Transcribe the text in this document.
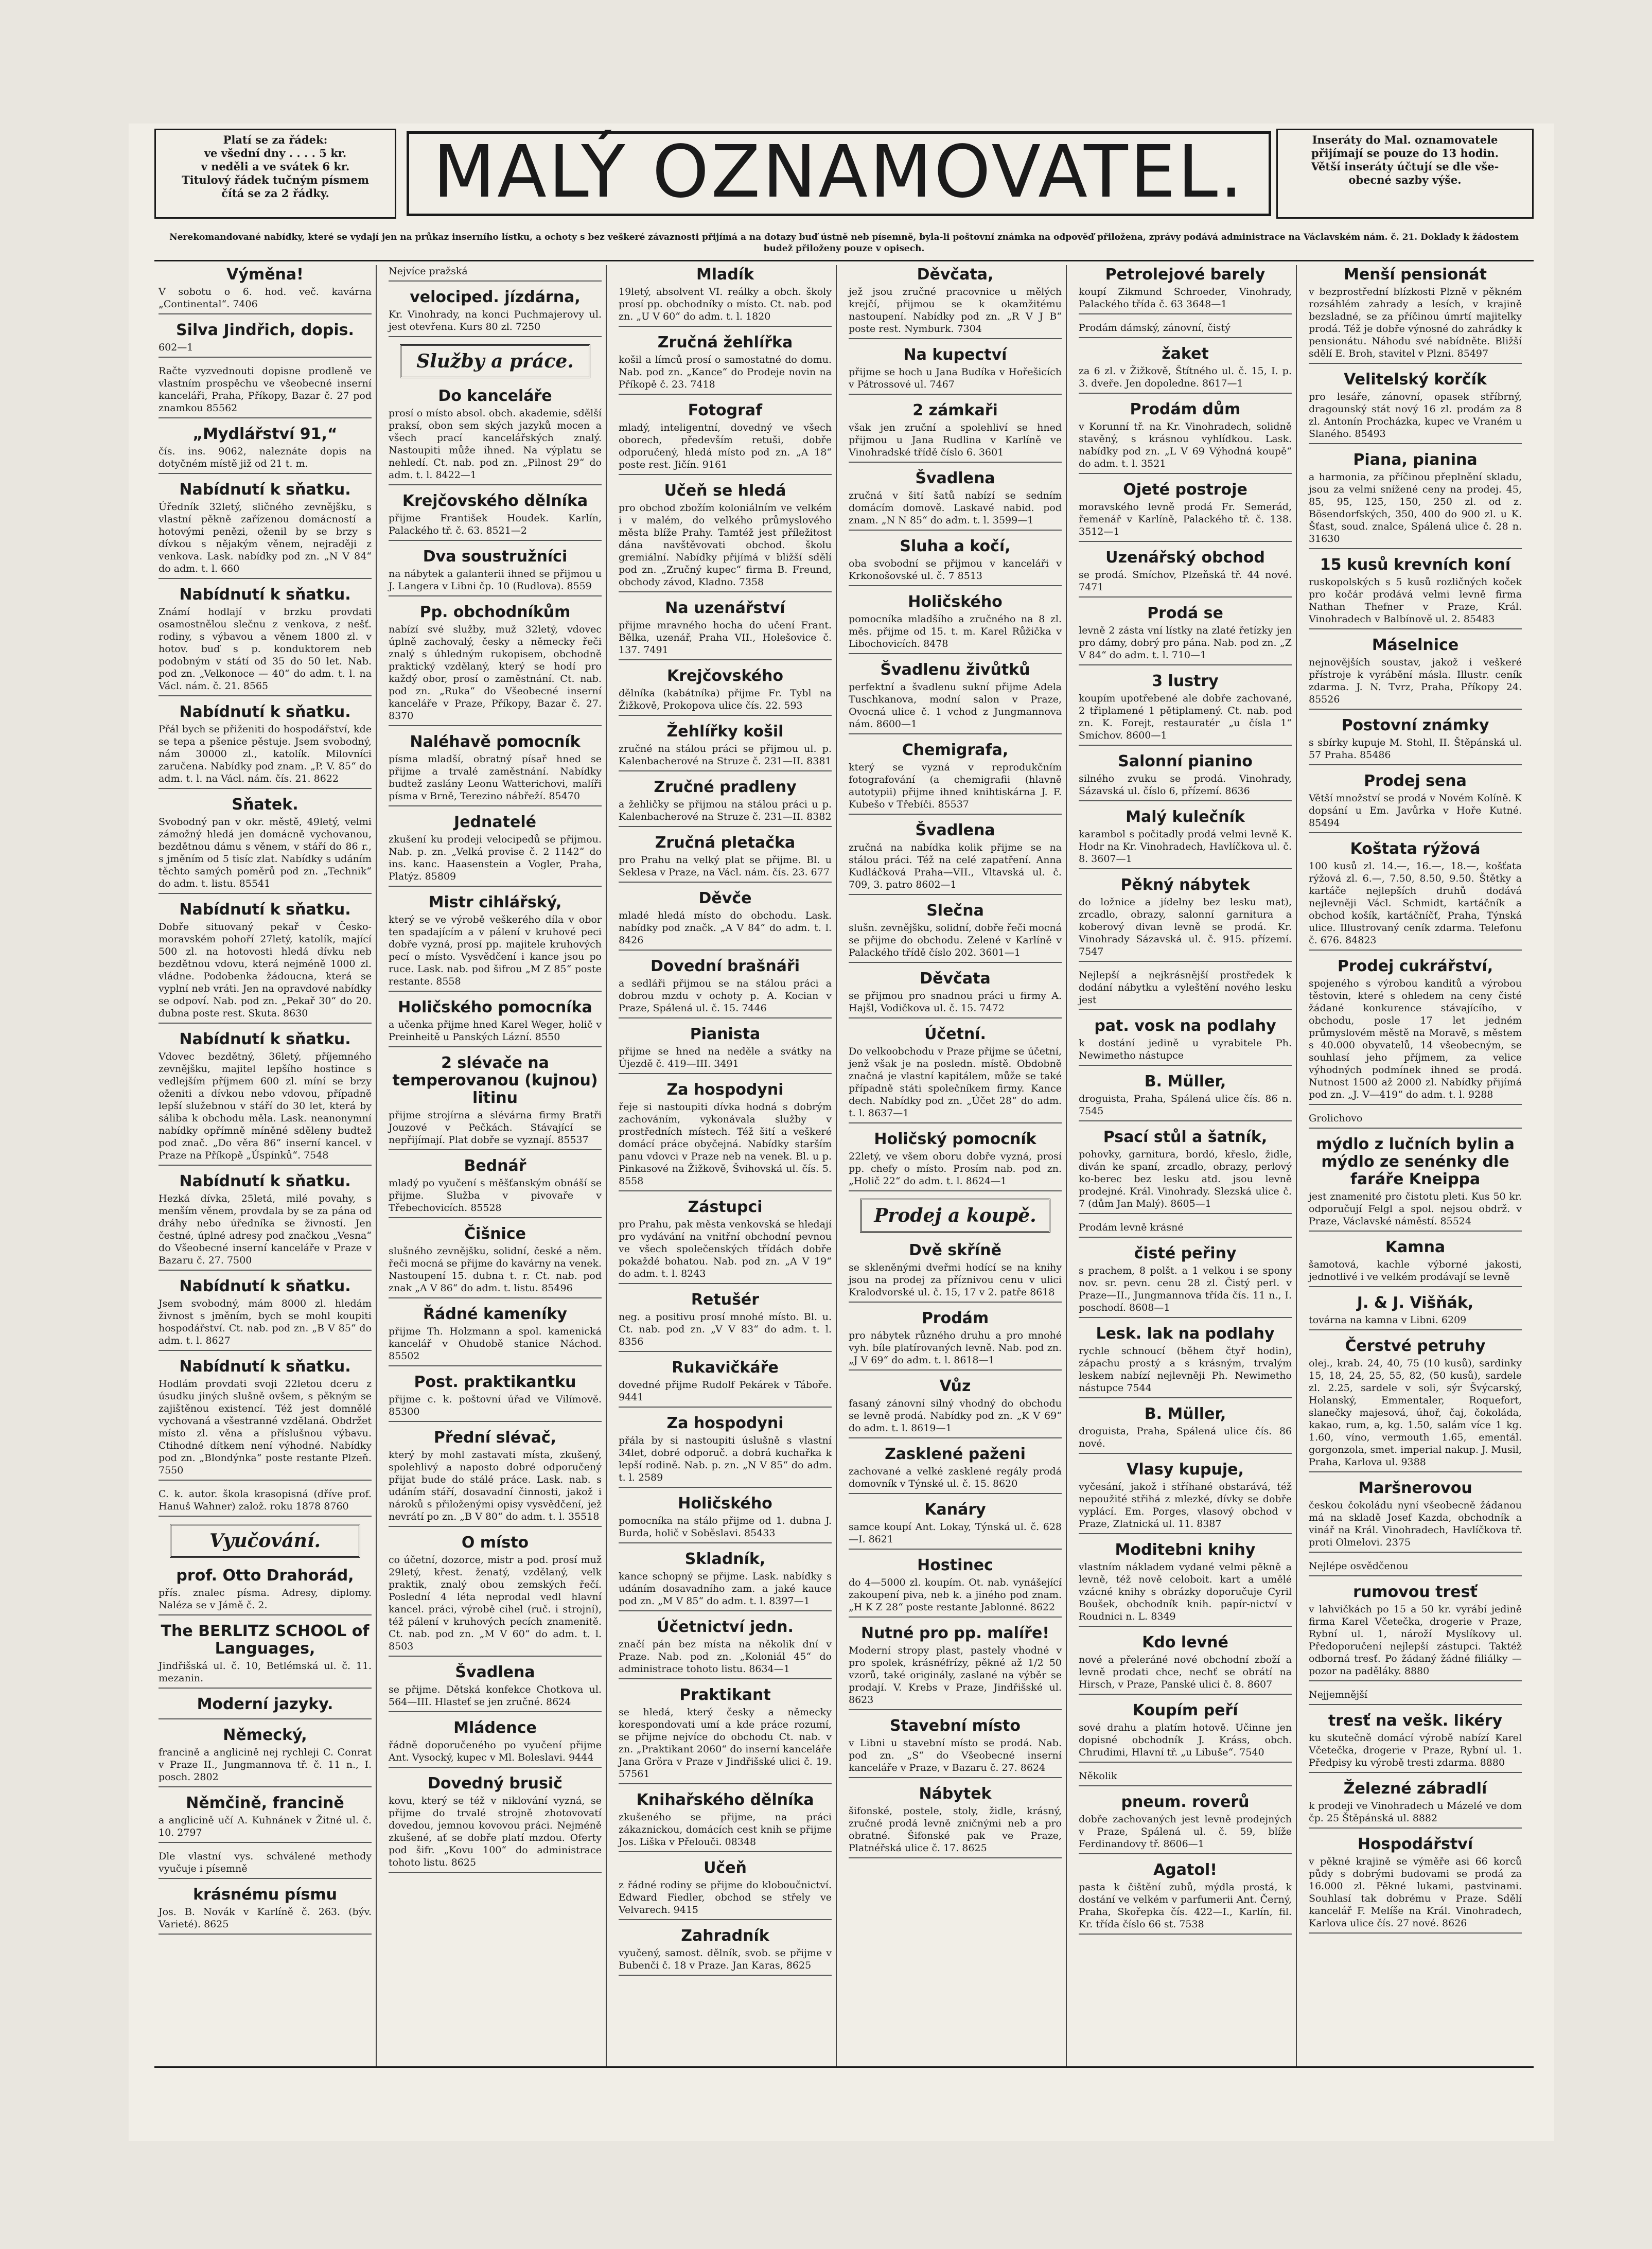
Platí se za řádek:
ve všední dny . . . . 5 kr.
v neděli a ve svátek 6 kr.
Titulový řádek tučným písmem
čítá se za 2 řádky.	MALÝ OZNAMOVATEL.	Inseráty do Mal. oznamovatele
přijímají se pouze do 13 hodin.
Větší inseráty účtují se dle vše-
obecné sazby výše.
Nerekomandované nabídky, které se vydají jen na průkaz inserního lístku, a ochoty s bez veškeré závaznosti přijímá a na dotazy buď ústně neb písemně, byla-li poštovní známka na odpověď přiložena, zprávy podává administrace na Václavském nám. č. 21. Doklady k žádostem budež přiloženy pouze v opisech.
Výměna!
V sobotu o 6. hod. več. kavárna „Continental“. 7406
Silva Jindřich, dopis.
602—1
Račte vyzvednouti dopisne prodleně ve vlastním prospěchu ve všeobecné inserní kanceláři, Praha, Příkopy, Bazar č. 27 pod znamkou 85562
„Mydlářství 91,“
čís. ins. 9062, naleznáte dopis na dotyčném místě již od 21 t. m.
Nabídnutí k sňatku.
Úředník 32letý, sličného zevnějšku, s vlastní pěkně zařízenou domácností a hotovými penězi, oženil by se brzy s dívkou s nějakým věnem, nejraději z venkova. Lask. nabídky pod zn. „N V 84“ do adm. t. l. 660
Nabídnutí k sňatku.
Známí hodlají v brzku provdati osamostnělou slečnu z venkova, z nešť. rodiny, s výbavou a věnem 1800 zl. v hotov. buď s p. konduktorem neb podobným v státí od 35 do 50 let. Nab. pod zn. „Velkonoce — 40“ do adm. t. l. na Václ. nám. č. 21. 8565
Nabídnutí k sňatku.
Přál bych se přiženiti do hospodářství, kde se tepa a pšenice pěstuje. Jsem svobodný, nám 30000 zl., katolík. Milovníci zaručena. Nabídky pod znam. „P. V. 85“ do adm. t. l. na Václ. nám. čís. 21. 8622
Sňatek.
Svobodný pan v okr. městě, 49letý, velmi zámožný hledá jen domácně vychovanou, bezdětnou dámu s věnem, v stáří do 86 r., s jměním od 5 tisíc zlat. Nabídky s udáním těchto samých poměrů pod zn. „Technik“ do adm. t. listu. 85541
Nabídnutí k sňatku.
Dobře situovaný pekař v Česko-moravském pohoří 27letý, katolík, mající 500 zl. na hotovosti hledá dívku neb bezdětnou vdovu, která nejméně 1000 zl. vládne. Podobenka žádoucna, která se vyplní neb vráti. Jen na opravdové nabídky se odpoví. Nab. pod zn. „Pekař 30“ do 20. dubna poste rest. Skuta. 8630
Nabídnutí k sňatku.
Vdovec bezdětný, 36letý, příjemného zevnějšku, majitel lepšího hostince s vedlejším příjmem 600 zl. míní se brzy oženiti a dívkou nebo vdovou, případně lepší služebnou v stáří do 30 let, která by sáliba k obchodu měla. Lask. neanonymní nabídky opřímně míněné sděleny budtež pod znač. „Do věra 86“ inserní kancel. v Praze na Příkopě „Úspínků“. 7548
Nabídnutí k sňatku.
Hezká dívka, 25letá, milé povahy, s menším věnem, provdala by se za pána od dráhy nebo úředníka se živností. Jen čestné, úplné adresy pod značkou „Vesna“ do Všeobecné inserní kanceláře v Praze v Bazaru č. 27. 7500
Nabídnutí k sňatku.
Jsem svobodný, mám 8000 zl. hledám živnost s jměním, bych se mohl koupiti hospodářství. Ct. nab. pod zn. „B V 85“ do adm. t. l. 8627
Nabídnutí k sňatku.
Hodlám provdati svoji 22letou dceru z úsudku jiných slušně ovšem, s pěkným se zajištěnou existencí. Též jest domnělé vychovaná a všestranné vzdělaná. Obdržet místo zl. věna a příslušnou výbavu. Ctihodné dítkem není výhodné. Nabídky pod zn. „Blondýnka“ poste restante Plzeň. 7550
C. k. autor. škola krasopisná (dříve prof. Hanuš Wahner) založ. roku 1878 8760
Vyučování.
prof. Otto Drahorád,
přís. znalec písma. Adresy, diplomy. Naléza se v Jámě č. 2.
The BERLITZ SCHOOL of Languages,
Jindřišská ul. č. 10, Betlémská ul. č. 11. mezanin.
Moderní jazyky.
Německý,
francině a anglicině nej rychleji C. Conrat v Praze II., Jungmannova tř. č. 11 n., I. posch. 2802
Němčině, francině
a anglicině učí A. Kuhnánek v Žitné ul. č. 10. 2797
Dle vlastní vys. schválené methody vyučuje i písemně
krásnému písmu
Jos. B. Novák v Karlíně č. 263. (býv. Varieté). 8625
Nejvíce pražská
velociped. jízdárna,
Kr. Vinohrady, na konci Puchmajerovy ul. jest otevřena. Kurs 80 zl. 7250
Služby a práce.
Do kanceláře
prosí o místo absol. obch. akademie, sdělší praksí, obon sem ských jazyků mocen a všech prací kancelářských znalý. Nastoupiti může ihned. Na výplatu se nehledí. Ct. nab. pod zn. „Pilnost 29“ do adm. t. l. 8422—1
Krejčovského dělníka
přijme František Houdek. Karlín, Palackého tř. č. 63. 8521—2
Dva soustružníci
na nábytek a galanterii ihned se přijmou u J. Langera v Libni čp. 10 (Rudlova). 8559
Pp. obchodníkům
nabízí své služby, muž 32letý, vdovec úplně zachovalý, česky a německy řeči znalý s úhledným rukopisem, obchodně praktický vzdělaný, který se hodí pro každý obor, prosí o zaměstnání. Ct. nab. pod zn. „Ruka“ do Všeobecné inserní kanceláře v Praze, Příkopy, Bazar č. 27. 8370
Naléhavě pomocník
písma mladší, obratný písař hned se přijme a trvalé zaměstnání. Nabídky budtež zaslány Leonu Watterichovi, malíři písma v Brně, Terezino nábřeží. 85470
Jednatelé
zkušení ku prodeji velocipedů se přijmou. Nab. p. zn. „Velká provise č. 2 1142“ do ins. kanc. Haasenstein a Vogler, Praha, Platýz. 85809
Mistr cihlářský,
který se ve výrobě veškerého díla v obor ten spadajícím a v pálení v kruhové peci dobře vyzná, prosí pp. majitele kruhových pecí o místo. Vysvědčení i kance jsou po ruce. Lask. nab. pod šifrou „M Z 85“ poste restante. 8558
Holičského pomocníka
a učenka přijme hned Karel Weger, holič v Preinheitě u Panských Lázní. 8550
2 slévače na temperovanou (kujnou) litinu
přijme strojírna a slévárna firmy Bratři Jouzové v Pečkách. Stávající se nepřijímají. Plat dobře se vyznají. 85537
Bednář
mladý po vyučení s měšťanským obnáší se přijme. Služba v pivovaře v Třebechovicích. 85528
Čišnice
slušného zevnějšku, solidní, české a něm. řeči mocná se přijme do kavárny na venek. Nastoupení 15. dubna t. r. Ct. nab. pod znak „A V 86“ do adm. t. listu. 85496
Řádné kameníky
přijme Th. Holzmann a spol. kamenická kancelář v Ohudobě stanice Náchod. 85502
Post. praktikantku
přijme c. k. poštovní úřad ve Vilímově. 85300
Přední slévač,
který by mohl zastavati místa, zkušený, spolehlivý a naposto dobré odporučený přijat bude do stálé práce. Lask. nab. s udáním stáří, dosavadní činnosti, jakož i nároků s přiloženými opisy vysvědčení, jež nevrátí po zn. „B V 80“ do adm. t. l. 35518
O místo
co účetní, dozorce, mistr a pod. prosí muž 29letý, křest. ženatý, vzdělaný, velk praktik, znalý obou zemských řečí. Poslední 4 léta neprodal vedl hlavní kancel. práci, výrobě cihel (ruč. i strojní), též pálení v kruhových pecích znamenitě. Ct. nab. pod zn. „M V 60“ do adm. t. l. 8503
Švadlena
se přijme. Dětská konfekce Chotkova ul. 564—III. Hlasteť se jen zručné. 8624
Mládence
řádně doporučeného po vyučení přijme Ant. Vysocký, kupec v Ml. Boleslavi. 9444
Dovedný brusič
kovu, který se též v niklování vyzná, se přijme do trvalé strojně zhotovovatí dovedou, jemnou kovovou práci. Nejméně zkušené, ať se dobře platí mzdou. Oferty pod šifr. „Kovu 100“ do administrace tohoto listu. 8625
Mladík
19letý, absolvent VI. reálky a obch. školy prosí pp. obchodníky o místo. Ct. nab. pod zn. „U V 60“ do adm. t. l. 1820
Zručná žehlířka
košil a límců prosí o samostatné do domu. Nab. pod zn. „Kance“ do Prodeje novin na Příkopě č. 23. 7418
Fotograf
mladý, inteligentní, dovedný ve všech oborech, především retuši, dobře odporučený, hledá místo pod zn. „A 18“ poste rest. Jičín. 9161
Učeň se hledá
pro obchod zbožím koloniálním ve velkém i v malém, do velkého průmyslového města blíže Prahy. Tamtéž jest příležitost dána navštěvovati obchod. školu gremiální. Nabídky přijímá v bližší sdělí pod zn. „Zručný kupec“ firma B. Freund, obchody závod, Kladno. 7358
Na uzenářství
přijme mravného hocha do učení Frant. Bělka, uzenář, Praha VII., Holešovice č. 137. 7491
Krejčovského
dělníka (kabátníka) přijme Fr. Tybl na Žižkově, Prokopova ulice čís. 22. 593
Žehlířky košil
zručné na stálou práci se přijmou ul. p. Kalenbacherové na Struze č. 231—II. 8381
Zručné pradleny
a žehličky se přijmou na stálou práci u p. Kalenbacherové na Struze č. 231—II. 8382
Zručná pletačka
pro Prahu na velký plat se přijme. Bl. u Seklesa v Praze, na Václ. nám. čís. 23. 677
Děvče
mladé hledá místo do obchodu. Lask. nabídky pod značk. „A V 84“ do adm. t. l. 8426
Dovední brašnáři
a sedláři přijmou se na stálou práci a dobrou mzdu v ochoty p. A. Kocian v Praze, Spálená ul. č. 15. 7446
Pianista
přijme se hned na neděle a svátky na Újezdě č. 419—III. 3491
Za hospodyni
řeje si nastoupiti dívka hodná s dobrým zachováním, vykonávala služby v prostředních místech. Též šití a veškeré domácí práce obyčejná. Nabídky starším panu vdovci v Praze neb na venek. Bl. u p. Pinkasové na Žižkově, Švihovská ul. čís. 5. 8558
Zástupci
pro Prahu, pak města venkovská se hledají pro vydávání na vnitřní obchodní pevnou ve všech společenských třídách dobře pokaždé bohatou. Nab. pod zn. „A V 19“ do adm. t. l. 8243
Retušér
neg. a positivu prosí mnohé místo. Bl. u. Ct. nab. pod zn. „V V 83“ do adm. t. l. 8356
Rukavičkáře
dovedné přijme Rudolf Pekárek v Táboře. 9441
Za hospodyni
přála by si nastoupiti úslušně s vlastní 34let, dobré odporuč. a dobrá kuchařka k lepší rodině. Nab. p. zn. „N V 85“ do adm. t. l. 2589
Holičského
pomocníka na stálo přijme od 1. dubna J. Burda, holič v Soběslavi. 85433
Skladník,
kance schopný se přijme. Lask. nabídky s udáním dosavadního zam. a jaké kauce pod zn. „M V 85“ do adm. t. l. 8397—1
Účetnictví jedn.
značí pán bez místa na několik dní v Praze. Nab. pod zn. „Koloniál 45“ do administrace tohoto listu. 8634—1
Praktikant
se hledá, který česky a německy korespondovati umí a kde práce rozumí, se přijme nejvíce do obchodu Ct. nab. v zn. „Praktikant 2060“ do inserní kanceláře Jana Gröra v Praze v Jindřišské ulici č. 19. 57561
Knihařského dělníka
zkušeného se přijme, na práci zákaznickou, domácích cest knih se přijme Jos. Liška v Přelouči. 08348
Učeň
z řádné rodiny se přijme do kloboučnictví. Edward Fiedler, obchod se střely ve Velvarech. 9415
Zahradník
vyučený, samost. dělník, svob. se přijme v Bubenči č. 18 v Praze. Jan Karas, 8625
Děvčata,
jež jsou zručné pracovnice u mělých krejčí, přijmou se k okamžitému nastoupení. Nabídky pod zn. „R V J B“ poste rest. Nymburk. 7304
Na kupectví
přijme se hoch u Jana Budíka v Hořešicích v Pátrossové ul. 7467
2 zámkaři
však jen zruční a spolehliví se hned přijmou u Jana Rudlina v Karlíně ve Vinohradské třídě číslo 6. 3601
Švadlena
zručná v šití šatů nabízí se sedním domácím domově. Laskavé nabid. pod znam. „N N 85“ do adm. t. l. 3599—1
Sluha a kočí,
oba svobodní se přijmou v kanceláři v Krkonošovské ul. č. 7 8513
Holičského
pomocníka mladšího a zručného na 8 zl. měs. přijme od 15. t. m. Karel Růžička v Libochovicích. 8478
Švadlenu živůtků
perfektní a švadlenu sukní přijme Adela Tuschkanova, modní salon v Praze, Ovocná ulice č. 1 vchod z Jungmannova nám. 8600—1
Chemigrafa,
který se vyzná v reprodukčním fotografování (a chemigrafii (hlavně autotypii) přijme ihned knihtiskárna J. F. Kubešo v Třebíči. 85537
Švadlena
zručná na nabídka kolik přijme se na stálou práci. Též na celé zapatření. Anna Kudláčková Praha—VII., Vltavská ul. č. 709, 3. patro 8602—1
Slečna
slušn. zevnějšku, solidní, dobře řeči mocná se přijme do obchodu. Zelené v Karlíně v Palackého třídě číslo 202. 3601—1
Děvčata
se přijmou pro snadnou práci u firmy A. Hajšl, Vodičkova ul. č. 15. 7472
Účetní.
Do velkoobchodu v Praze přijme se účetní, jenž však je na posledn. místě. Obdobně značná je vlastní kapitálem, může se také případně státi společníkem firmy. Kance dech. Nabídky pod zn. „Účet 28“ do adm. t. l. 8637—1
Holičský pomocník
22letý, ve všem oboru dobře vyzná, prosí pp. chefy o místo. Prosím nab. pod zn. „Holič 22“ do adm. t. l. 8624—1
Prodej a koupě.
Dvě skříně
se skleněnými dveřmi hodící se na knihy jsou na prodej za příznivou cenu v ulici Kralodvorské ul. č. 15, 17 v 2. patře 8618
Prodám
pro nábytek různého druhu a pro mnohé vyh. bíle platírovaných levně. Nab. pod zn. „J V 69“ do adm. t. l. 8618—1
Vůz
fasaný zánovní silný vhodný do obchodu se levně prodá. Nabídky pod zn. „K V 69“ do adm. t. l. 8619—1
Zasklené paženi
zachované a velké zasklené regály prodá domovník v Týnské ul. č. 15. 8620
Kanáry
samce koupí Ant. Lokay, Týnská ul. č. 628—I. 8621
Hostinec
do 4—5000 zl. koupím. Ot. nab. vynášející zakoupení piva, neb k. a jiného pod znam. „H K Z 28“ poste restante Jablonné. 8622
Nutné pro pp. malíře!
Moderní stropy plast, pastely vhodné v pro spolek, krásnéfrízy, pěkné až 1/2 50 vzorů, také originály, zaslané na výběr se prodají. V. Krebs v Praze, Jindřišské ul. 8623
Stavební místo
v Libni u stavební místo se prodá. Nab. pod zn. „S“ do Všeobecné inserní kanceláře v Praze, v Bazaru č. 27. 8624
Nábytek
šifonské, postele, stoly, židle, krásný, zručné prodá levně zničnými neb a pro obratné. Šifonské pak ve Praze, Platnéřská ulice č. 17. 8625
Petrolejové barely
koupí Zikmund Schroeder, Vinohrady, Palackého třída č. 63 3648—1
Prodám dámský, zánovní, čistý
žaket
za 6 zl. v Žižkově, Štítného ul. č. 15, I. p. 3. dveře. Jen dopoledne. 8617—1
Prodám dům
v Korunní tř. na Kr. Vinohradech, solidně stavěný, s krásnou vyhlídkou. Lask. nabídky pod zn. „L V 69 Výhodná koupě“ do adm. t. l. 3521
Ojeté postroje
moravského levně prodá Fr. Semerád, řemenář v Karlíně, Palackého tř. č. 138. 3512—1
Uzenářský obchod
se prodá. Smíchov, Plzeňská tř. 44 nové. 7471
Prodá se
levně 2 zásta vní lístky na zlaté řetízky jen pro dámy, dobrý pro pána. Nab. pod zn. „Z V 84“ do adm. t. l. 710—1
3 lustry
koupím upotřebené ale dobře zachované, 2 třiplamené 1 pětiplamený. Ct. nab. pod zn. K. Forejt, restauratér „u čísla 1“ Smíchov. 8600—1
Salonní pianino
silného zvuku se prodá. Vinohrady, Sázavská ul. číslo 6, přízemí. 8636
Malý kulečník
karambol s počitadly prodá velmi levně K. Hodr na Kr. Vinohradech, Havlíčkova ul. č. 8. 3607—1
Pěkný nábytek
do ložnice a jídelny bez lesku mat), zrcadlo, obrazy, salonní garnitura a koberový divan levně se prodá. Kr. Vinohrady Sázavská ul. č. 915. přízemí. 7547
Nejlepší a nejkrásnější prostředek k dodání nábytku a vyleštění nového lesku jest
pat. vosk na podlahy
k dostání jedině u vyrabitele Ph. Newimetho nástupce
B. Müller,
droguista, Praha, Spálená ulice čís. 86 n. 7545
Psací stůl a šatník,
pohovky, garnitura, bordó, křeslo, židle, diván ke spaní, zrcadlo, obrazy, perlový ko-berec bez lesku atd. jsou levně prodejné. Král. Vinohrady. Slezská ulice č. 7 (dům Jan Malý). 8605—1
Prodám levně krásné
čisté peřiny
s prachem, 8 polšt. a 1 velkou i se spony nov. sr. pevn. cenu 28 zl. Čistý perl. v Praze—II., Jungmannova třída čís. 11 n., I. poschodí. 8608—1
Lesk. lak na podlahy
rychle schnoucí (během čtyř hodin), zápachu prostý a s krásným, trvalým leskem nabízí nejlevněji Ph. Newimetho nástupce 7544
B. Müller,
droguista, Praha, Spálená ulice čís. 86 nové.
Vlasy kupuje,
vyčesání, jakož i stříhané obstarává, též nepoužité střihá z mlezké, dívky se dobře vyplácí. Em. Porges, vlasový obchod v Praze, Zlatnická ul. 11. 8387
Moditebni knihy
vlastním nákladem vydané velmi pěkně a levně, též nově celoboit. kart a umělé vzácné knihy s obrázky doporučuje Cyril Boušek, obchodník knih. papír-nictví v Roudnici n. L. 8349
Kdo levné
nové a přeleráné nové obchodní zboží a levně prodati chce, nechť se obrátí na Hirsch, v Praze, Panské ulici č. 8. 8607
Koupím peří
sové drahu a platím hotově. Učinne jen dopisné obchodník J. Kráss, obch. Chrudimi, Hlavní tř. „u Libuše“. 7540
Několik
pneum. roverů
dobře zachovaných jest levně prodejných v Praze, Spálená ul. č. 59, blíže Ferdinandovy tř. 8606—1
Agatol!
pasta k čištění zubů, mýdla prostá, k dostání ve velkém v parfumerii Ant. Černý, Praha, Skořepka čís. 422—I., Karlín, fil. Kr. třída číslo 66 st. 7538
Menší pensionát
v bezprostřední blízkosti Plzně v pěkném rozsáhlém zahrady a lesích, v krajině bezsladné, se za příčinou úmrtí majitelky prodá. Též je dobře výnosné do zahrádky k pensionátu. Náhodu své nabídněte. Bližší sdělí E. Broh, stavitel v Plzni. 85497
Velitelský korčík
pro lesáře, zánovní, opasek stříbrný, dragounský stát nový 16 zl. prodám za 8 zl. Antonín Procházka, kupec ve Vraném u Slaného. 85493
Piana, pianina
a harmonia, za příčinou přeplnění skladu, jsou za velmi snížené ceny na prodej. 45, 85, 95, 125, 150, 250 zl. od z. Bösendorfských, 350, 400 do 900 zl. u K. Šťast, soud. znalce, Spálená ulice č. 28 n. 31630
15 kusů krevních koní
ruskopolských s 5 kusů rozličných koček pro kočár prodává velmi levně firma Nathan Thefner v Praze, Král. Vinohradech v Balbínově ul. 2. 85483
Máselnice
nejnovějších soustav, jakož i veškeré přístroje k vyrábění másla. Illustr. ceník zdarma. J. N. Tvrz, Praha, Příkopy 24. 85526
Postovní známky
s sbírky kupuje M. Stohl, II. Štěpánská ul. 57 Praha. 85486
Prodej sena
Větší množství se prodá v Novém Kolíně. K dopsání u Em. Javůrka v Hoře Kutné. 85494
Koštata rýžová
100 kusů zl. 14.—, 16.—, 18.—, košťata rýžová zl. 6.—, 7.50, 8.50, 9.50. Štětky a kartáče nejlepších druhů dodává nejlevněji Václ. Schmidt, kartáčník a obchod košík, kartáčníčť, Praha, Týnská ulice. Illustrovaný ceník zdarma. Telefonu č. 676. 84823
Prodej cukrářství,
spojeného s výrobou kanditů a výrobou těstovin, které s ohledem na ceny čisté žádané konkurence stávajícího, v obchodu, posle 17 let jedném průmyslovém městě na Moravě, s městem s 40.000 obyvatelů, 14 všeobecným, se souhlasí jeho příjmem, za velice výhodných podmínek ihned se prodá. Nutnost 1500 až 2000 zl. Nabídky přijímá pod zn. „J. V—419“ do adm. t. l. 9288
Grolichovo
mýdlo z lučních bylin a mýdlo ze senénky dle faráře Kneippa
jest znamenité pro čistotu pleti. Kus 50 kr. odporučují Felgl a spol. nejsou obdrž. v Praze, Václavské náměstí. 85524
Kamna
šamotová, kachle výborné jakosti, jednotlivé i ve velkém prodávají se levně
J. & J. Višňák,
továrna na kamna v Libni. 6209
Čerstvé petruhy
olej., krab. 24, 40, 75 (10 kusů), sardinky 15, 18, 24, 25, 55, 82, (50 kusů), sardele zl. 2.25, sardele v soli, sýr Švýcarský, Holanský, Emmentaler, Roquefort, slanečky majesová, úhoř, čaj, čokoláda, kakao, rum, a, kg. 1.50, salám více 1 kg. 1.60, víno, vermouth 1.65, ementál. gorgonzola, smet. imperial nakup. J. Musil, Praha, Karlova ul. 9388
Maršnerovou
českou čokoládu nyní všeobecně žádanou má na skladě Josef Kazda, obchodník a vinář na Král. Vinohradech, Havlíčkova tř. proti Olmelovi. 2375
Nejlépe osvědčenou
rumovou tresť
v lahvičkách po 15 a 50 kr. vyrábí jedině firma Karel Včetečka, drogerie v Praze, Rybní ul. 1, nároží Myslíkovy ul. Předoporučení nejlepší zástupci. Taktéž odborná tresť. Po žádaný žádné filiálky — pozor na paděláky. 8880
Nejjemnější
tresť na vešk. likéry
ku skutečně domácí výrobě nabízí Karel Včetečka, drogerie v Praze, Rybní ul. 1. Předpisy ku výrobě tresti zdarma. 8880
Železné zábradlí
k prodeji ve Vinohradech u Mázelé ve dom čp. 25 Štěpánská ul. 8882
Hospodářství
v pěkné krajině se výměře asi 66 korců půdy s dobrými budovami se prodá za 16.000 zl. Pěkné lukami, pastvinami. Souhlasí tak dobrému v Praze. Sdělí kancelář F. Melíše na Král. Vinohradech, Karlova ulice čís. 27 nové. 8626
